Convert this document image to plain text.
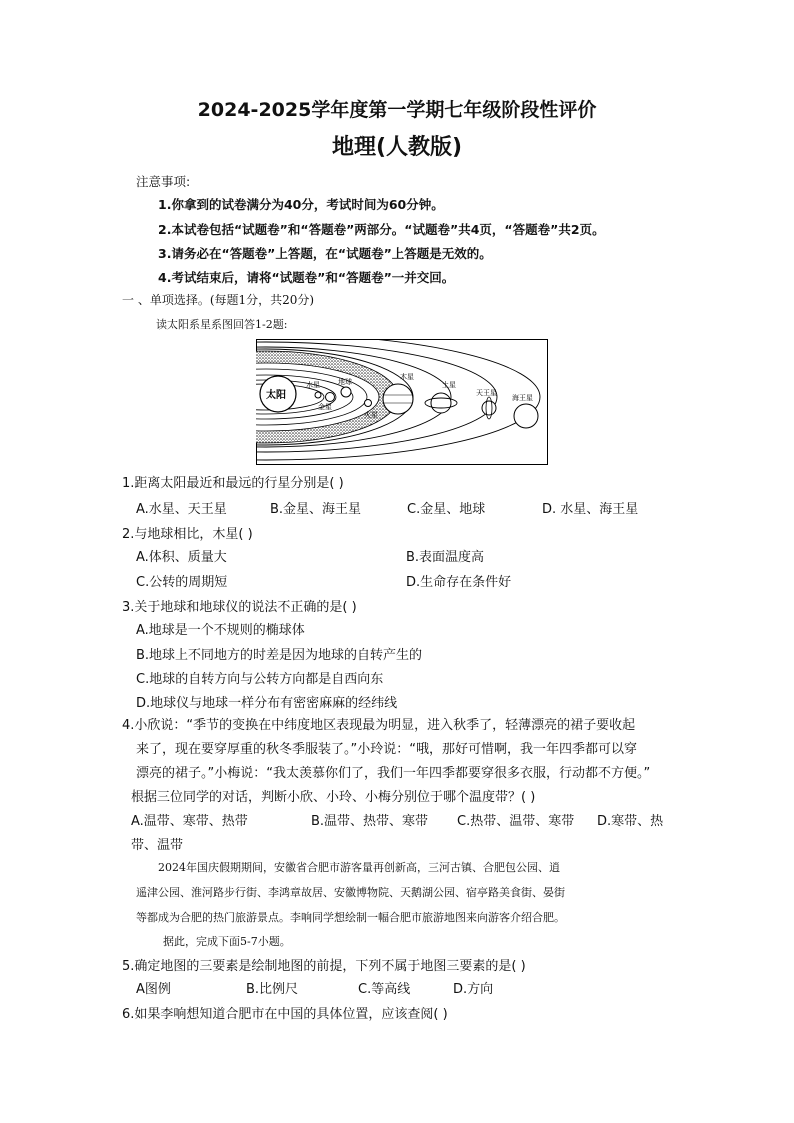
2024-2025学年度第一学期七年级阶段性评价
地理(人教版)
注意事项:
1.你拿到的试卷满分为40分，考试时间为60分钟。
2.本试卷包括“试题卷”和“答题卷”两部分。“试题卷”共4页，“答题卷”共2页。
3.请务必在“答题卷”上答题，在“试题卷”上答题是无效的。
4.考试结束后，请将“试题卷”和“答题卷”一并交回。
一 、单项选择。(每题1分，共20分)
读太阳系星系图回答1-2题:
太阳
水星
金星
地球
火星
木星
土星
天王星
海王星
1.距离太阳最近和最远的行星分别是( )
A.水星、天王星	B.金星、海王星	C.金星、地球	D. 水星、海王星
2.与地球相比，木星( )
A.体积、质量大	B.表面温度高
C.公转的周期短	D.生命存在条件好
3.关于地球和地球仪的说法不正确的是( )
A.地球是一个不规则的椭球体
B.地球上不同地方的时差是因为地球的自转产生的
C.地球的自转方向与公转方向都是自西向东
D.地球仪与地球一样分布有密密麻麻的经纬线
4.小欣说：“季节的变换在中纬度地区表现最为明显，进入秋季了，轻薄漂亮的裙子要收起
来了，现在要穿厚重的秋冬季服装了。”小玲说：“哦，那好可惜啊，我一年四季都可以穿
漂亮的裙子。”小梅说：“我太羡慕你们了，我们一年四季都要穿很多衣服，行动都不方便。”
根据三位同学的对话，判断小欣、小玲、小梅分别位于哪个温度带？( )
A.温带、寒带、热带	B.温带、热带、寒带 C.热带、温带、寒带 D.寒带、热
带、温带
2024年国庆假期期间，安徽省合肥市游客量再创新高，三河古镇、合肥包公园、逍
遥津公园、淮河路步行街、李鸿章故居、安徽博物院、天鹅湖公园、宿亭路美食街、晏街
等都成为合肥的热门旅游景点。李响同学想绘制一幅合肥市旅游地图来向游客介绍合肥。
据此，完成下面5-7小题。
5.确定地图的三要素是绘制地图的前提，下列不属于地图三要素的是( )
A图例	B.比例尺	C.等高线	D.方向
6.如果李响想知道合肥市在中国的具体位置，应该查阅( )
